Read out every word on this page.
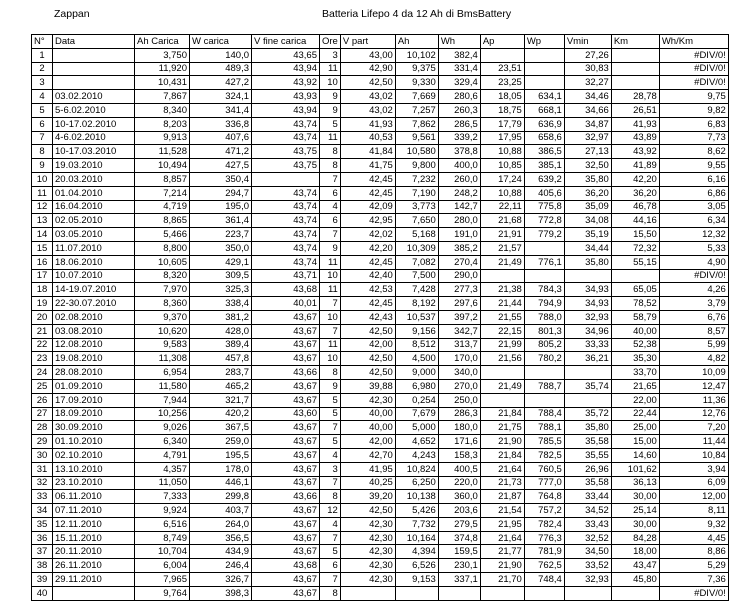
Zappan	Batteria Lifepo 4 da 12 Ah di BmsBattery
N°	Data	Ah Carica	W carica	V fine carica	Ore	V part	Ah	Wh	Ap	Wp	Vmin	Km	Wh/Km
1		3,750	140,0	43,65	3	43,00	10,102	382,4			27,26		#DIV/0!
2		11,920	489,3	43,94	11	42,90	9,375	331,4	23,51		30,83		#DIV/0!
3		10,431	427,2	43,92	10	42,50	9,330	329,4	23,25		32,27		#DIV/0!
4	03.02.2010	7,867	324,1	43,93	9	43,02	7,669	280,6	18,05	634,1	34,46	28,78	9,75
5	5-6.02.2010	8,340	341,4	43,94	9	43,02	7,257	260,3	18,75	668,1	34,66	26,51	9,82
6	10-17.02.2010	8,203	336,8	43,74	5	41,93	7,862	286,5	17,79	636,9	34,87	41,93	6,83
7	4-6.02.2010	9,913	407,6	43,74	11	40,53	9,561	339,2	17,95	658,6	32,97	43,89	7,73
8	10-17.03.2010	11,528	471,2	43,75	8	41,84	10,580	378,8	10,88	386,5	27,13	43,92	8,62
9	19.03.2010	10,494	427,5	43,75	8	41,75	9,800	400,0	10,85	385,1	32,50	41,89	9,55
10	20.03.2010	8,857	350,4		7	42,45	7,232	260,0	17,24	639,2	35,80	42,20	6,16
11	01.04.2010	7,214	294,7	43,74	6	42,45	7,190	248,2	10,88	405,6	36,20	36,20	6,86
12	16.04.2010	4,719	195,0	43,74	4	42,09	3,773	142,7	22,11	775,8	35,09	46,78	3,05
13	02.05.2010	8,865	361,4	43,74	6	42,95	7,650	280,0	21,68	772,8	34,08	44,16	6,34
14	03.05.2010	5,466	223,7	43,74	7	42,02	5,168	191,0	21,91	779,2	35,19	15,50	12,32
15	11.07.2010	8,800	350,0	43,74	9	42,20	10,309	385,2	21,57		34,44	72,32	5,33
16	18.06.2010	10,605	429,1	43,74	11	42,45	7,082	270,4	21,49	776,1	35,80	55,15	4,90
17	10.07.2010	8,320	309,5	43,71	10	42,40	7,500	290,0					#DIV/0!
18	14-19.07.2010	7,970	325,3	43,68	11	42,53	7,428	277,3	21,38	784,3	34,93	65,05	4,26
19	22-30.07.2010	8,360	338,4	40,01	7	42,45	8,192	297,6	21,44	794,9	34,93	78,52	3,79
20	02.08.2010	9,370	381,2	43,67	10	42,43	10,537	397,2	21,55	788,0	32,93	58,79	6,76
21	03.08.2010	10,620	428,0	43,67	7	42,50	9,156	342,7	22,15	801,3	34,96	40,00	8,57
22	12.08.2010	9,583	389,4	43,67	11	42,00	8,512	313,7	21,99	805,2	33,33	52,38	5,99
23	19.08.2010	11,308	457,8	43,67	10	42,50	4,500	170,0	21,56	780,2	36,21	35,30	4,82
24	28.08.2010	6,954	283,7	43,66	8	42,50	9,000	340,0				33,70	10,09
25	01.09.2010	11,580	465,2	43,67	9	39,88	6,980	270,0	21,49	788,7	35,74	21,65	12,47
26	17.09.2010	7,944	321,7	43,67	5	42,30	0,254	250,0				22,00	11,36
27	18.09.2010	10,256	420,2	43,60	5	40,00	7,679	286,3	21,84	788,4	35,72	22,44	12,76
28	30.09.2010	9,026	367,5	43,67	7	40,00	5,000	180,0	21,75	788,1	35,80	25,00	7,20
29	01.10.2010	6,340	259,0	43,67	5	42,00	4,652	171,6	21,90	785,5	35,58	15,00	11,44
30	02.10.2010	4,791	195,5	43,67	4	42,70	4,243	158,3	21,84	782,5	35,55	14,60	10,84
31	13.10.2010	4,357	178,0	43,67	3	41,95	10,824	400,5	21,64	760,5	26,96	101,62	3,94
32	23.10.2010	11,050	446,1	43,67	7	40,25	6,250	220,0	21,73	777,0	35,58	36,13	6,09
33	06.11.2010	7,333	299,8	43,66	8	39,20	10,138	360,0	21,87	764,8	33,44	30,00	12,00
34	07.11.2010	9,924	403,7	43,67	12	42,50	5,426	203,6	21,54	757,2	34,52	25,14	8,11
35	12.11.2010	6,516	264,0	43,67	4	42,30	7,732	279,5	21,95	782,4	33,43	30,00	9,32
36	15.11.2010	8,749	356,5	43,67	7	42,30	10,164	374,8	21,64	776,3	32,52	84,28	4,45
37	20.11.2010	10,704	434,9	43,67	5	42,30	4,394	159,5	21,77	781,9	34,50	18,00	8,86
38	26.11.2010	6,004	246,4	43,68	6	42,30	6,526	230,1	21,90	762,5	33,52	43,47	5,29
39	29.11.2010	7,965	326,7	43,67	7	42,30	9,153	337,1	21,70	748,4	32,93	45,80	7,36
40		9,764	398,3	43,67	8								#DIV/0!
